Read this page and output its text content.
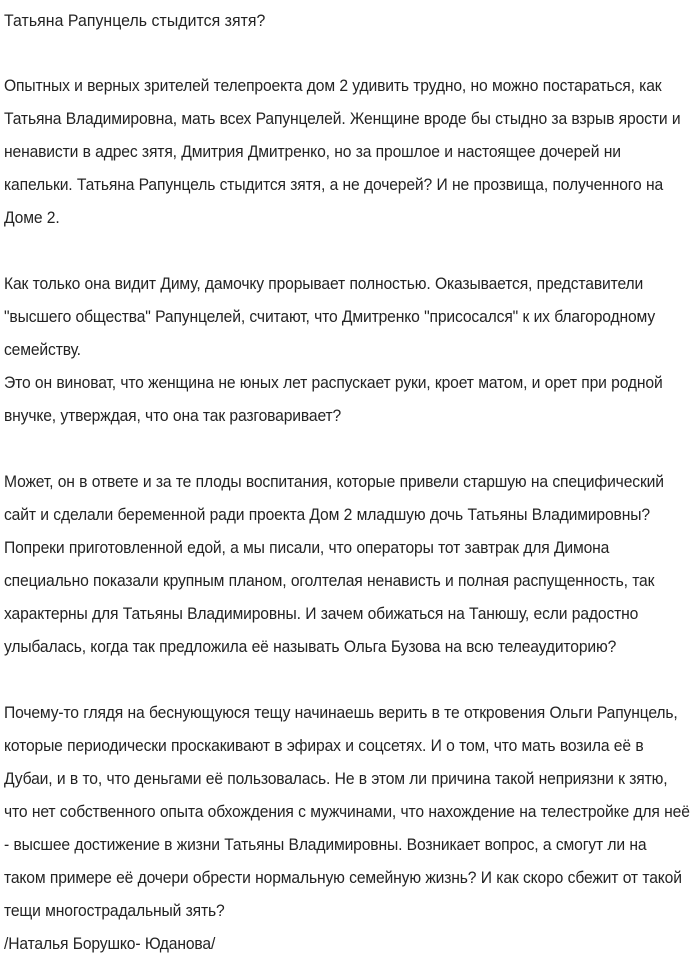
Татьяна Рапунцель стыдится зятя?

Опытных и верных зрителей телепроекта дом 2 удивить трудно, но можно постараться, как Татьяна Владимировна, мать всех Рапунцелей. Женщине вроде бы стыдно за взрыв ярости и ненависти в адрес зятя, Дмитрия Дмитренко, но за прошлое и настоящее дочерей ни капельки. Татьяна Рапунцель стыдится зятя, а не дочерей? И не прозвища, полученного на Доме 2.

Как только она видит Диму, дамочку прорывает полностью. Оказывается, представители "высшего общества" Рапунцелей, считают, что Дмитренко "присосался" к их благородному семейству.

Это он виноват, что женщина не юных лет распускает руки, кроет матом, и орет при родной внучке, утверждая, что она так разговаривает?

Может, он в ответе и за те плоды воспитания, которые привели старшую на специфический сайт и сделали беременной ради проекта Дом 2 младшую дочь Татьяны Владимировны?

Попреки приготовленной едой, а мы писали, что операторы тот завтрак для Димона специально показали крупным планом, оголтелая ненависть и полная распущенность, так характерны для Татьяны Владимировны. И зачем обижаться на Танюшу, если радостно улыбалась, когда так предложила её называть Ольга Бузова на всю телеаудиторию?

Почему-то глядя на беснующуюся тещу начинаешь верить в те откровения Ольги Рапунцель, которые периодически проскакивают в эфирах и соцсетях. И о том, что мать возила её в Дубаи, и в то, что деньгами её пользовалась. Не в этом ли причина такой неприязни к зятю, что нет собственного опыта обхождения с мужчинами, что нахождение на телестройке для неё - высшее достижение в жизни Татьяны Владимировны. Возникает вопрос, а смогут ли на таком примере её дочери обрести нормальную семейную жизнь? И как скоро сбежит от такой тещи многострадальный зять?

/Наталья Борушко- Юданова/
